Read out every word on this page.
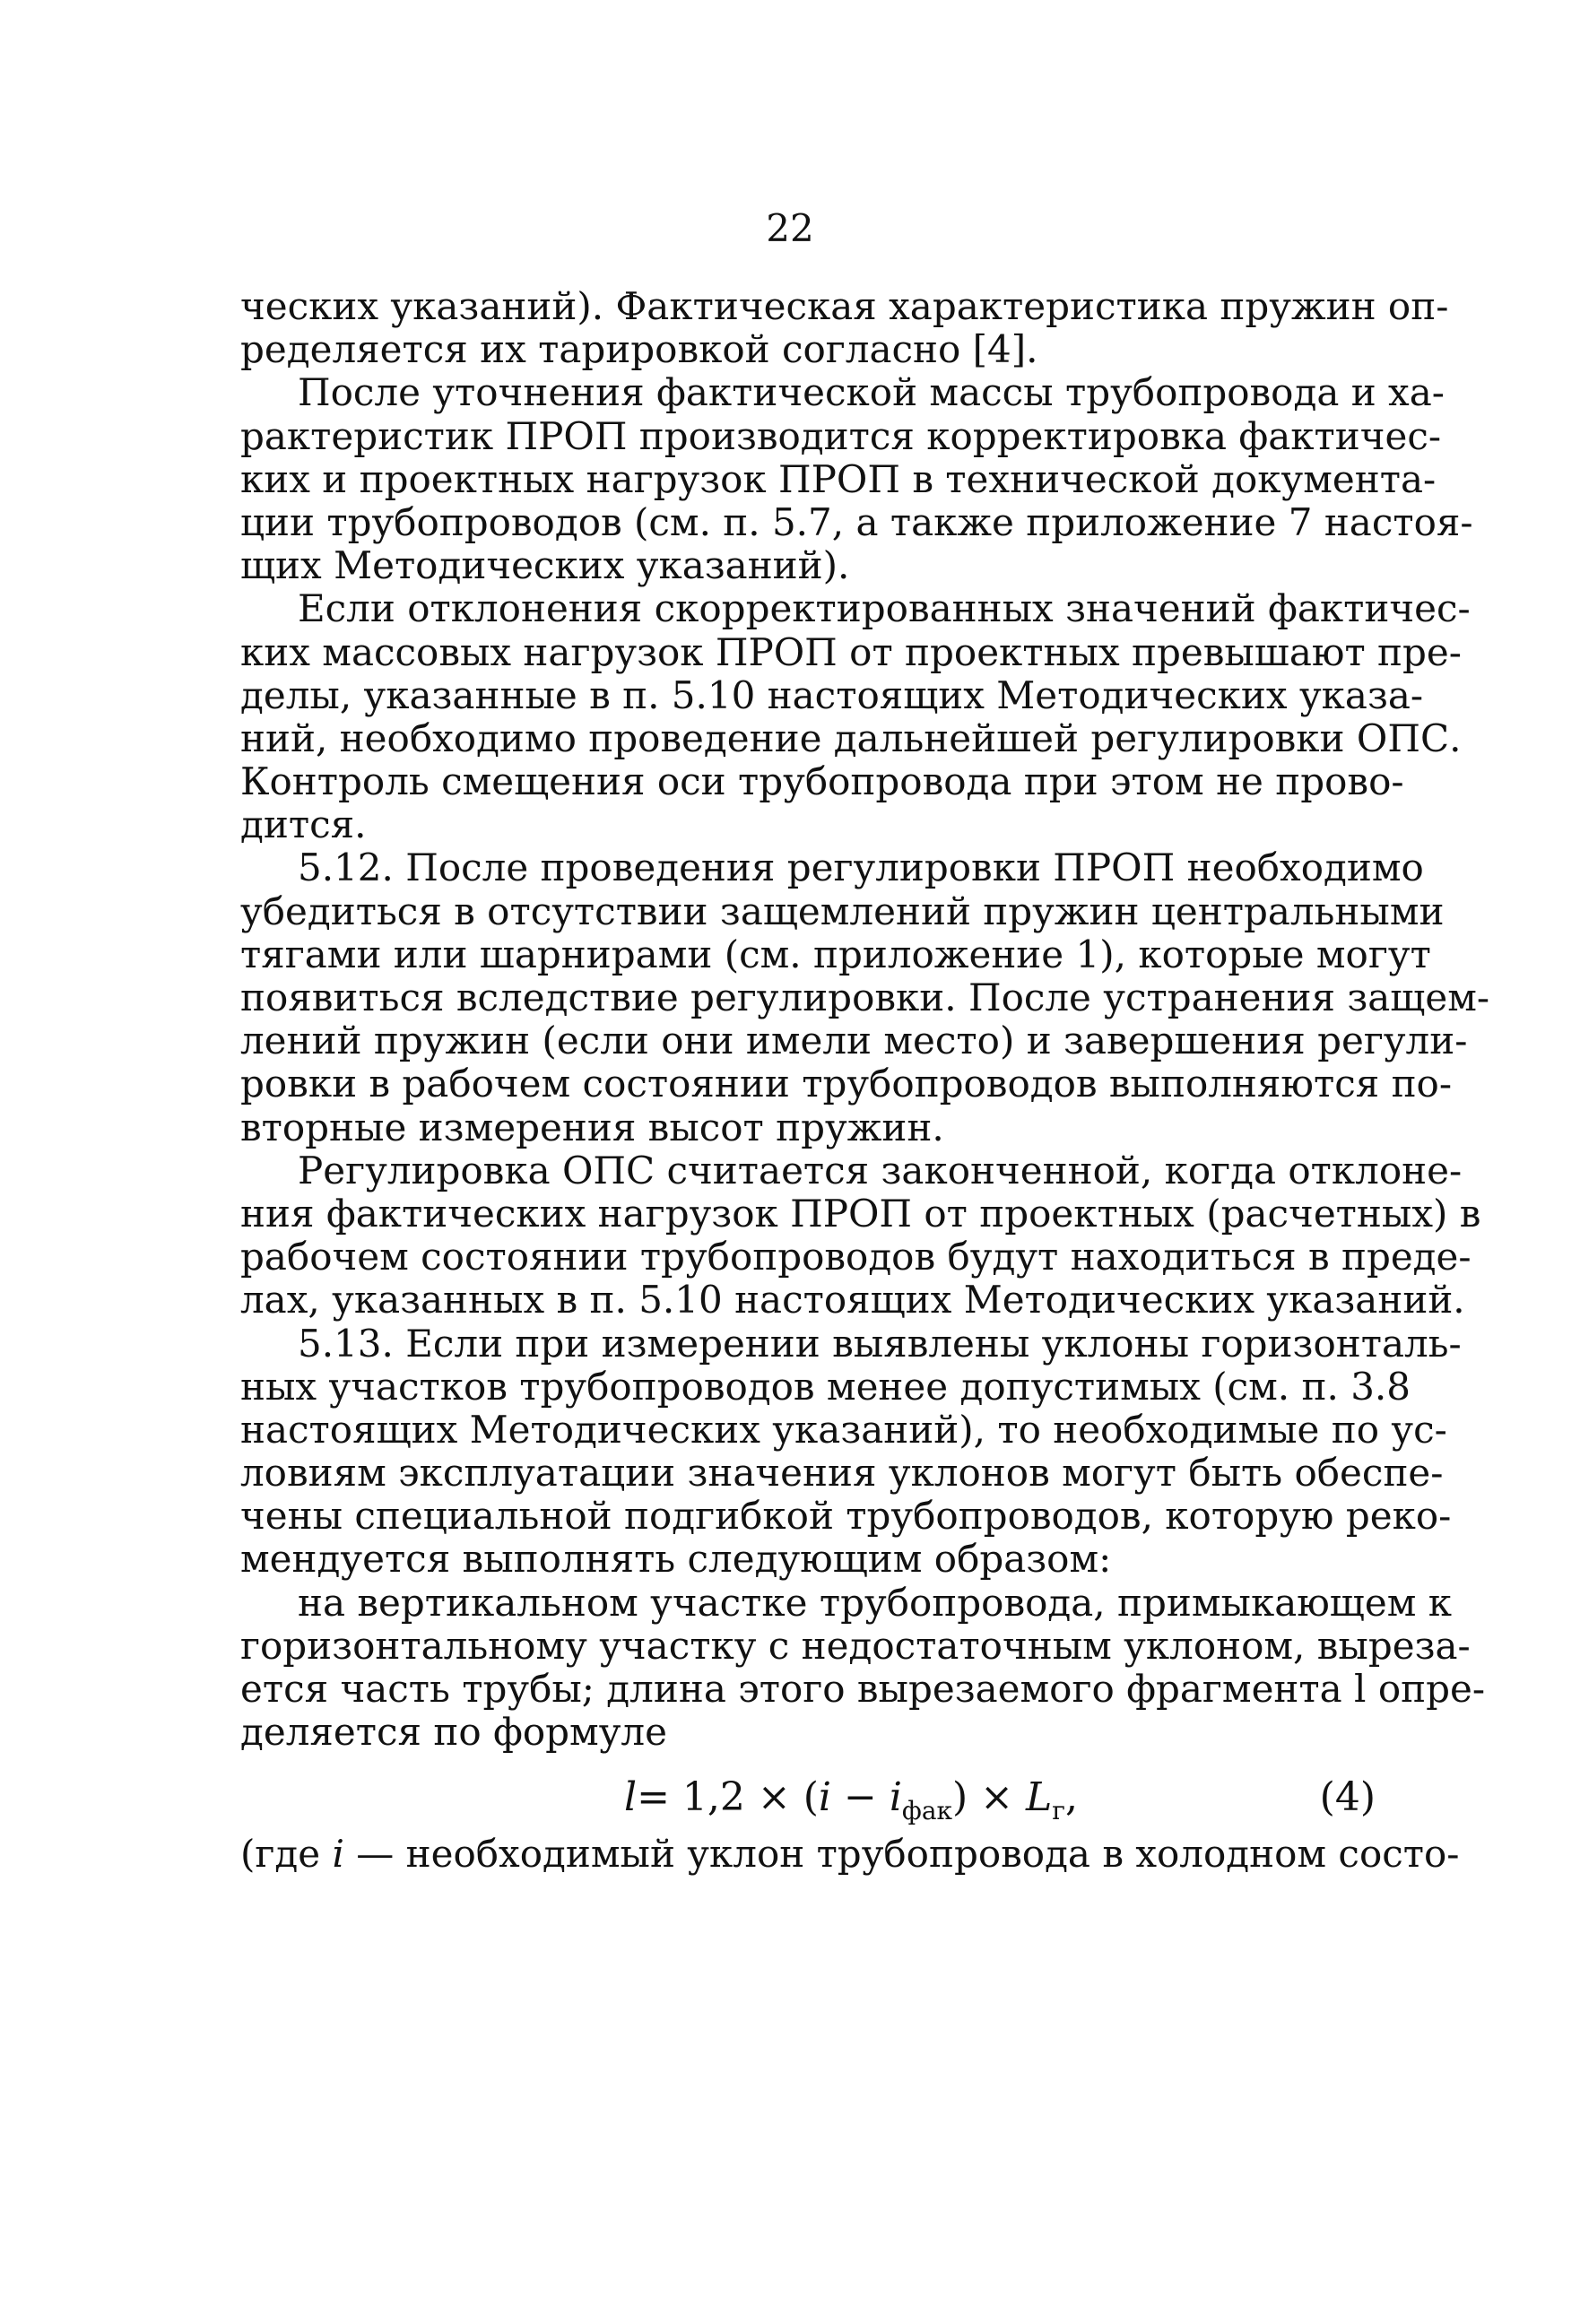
22
ческих указаний). Фактическая характеристика пружин оп-
ределяется их тарировкой согласно [4].
После уточнения фактической массы трубопровода и ха-
рактеристик ПРОП производится корректировка фактичес-
ких и проектных нагрузок ПРОП в технической документа-
ции трубопроводов (см. п. 5.7, а также приложение 7 настоя-
щих Методических указаний).
Если отклонения скорректированных значений фактичес-
ких массовых нагрузок ПРОП от проектных превышают пре-
делы, указанные в п. 5.10 настоящих Методических указа-
ний, необходимо проведение дальнейшей регулировки ОПС.
Контроль смещения оси трубопровода при этом не прово-
дится.
5.12. После проведения регулировки ПРОП необходимо
убедиться в отсутствии защемлений пружин центральными
тягами или шарнирами (см. приложение 1), которые могут
появиться вследствие регулировки. После устранения защем-
лений пружин (если они имели место) и завершения регули-
ровки в рабочем состоянии трубопроводов выполняются по-
вторные измерения высот пружин.
Регулировка ОПС считается законченной, когда отклоне-
ния фактических нагрузок ПРОП от проектных (расчетных) в
рабочем состоянии трубопроводов будут находиться в преде-
лах, указанных в п. 5.10 настоящих Методических указаний.
5.13. Если при измерении выявлены уклоны горизонталь-
ных участков трубопроводов менее допустимых (см. п. 3.8
настоящих Методических указаний), то необходимые по ус-
ловиям эксплуатации значения уклонов могут быть обеспе-
чены специальной подгибкой трубопроводов, которую реко-
мендуется выполнять следующим образом:
на вертикальном участке трубопровода, примыкающем к
горизонтальному участку с недостаточным уклоном, выреза-
ется часть трубы; длина этого вырезаемого фрагмента l опре-
деляется по формуле
$l= 1,2 \times (i - i_{фак}) \times L_г$,	(4)
(где i — необходимый уклон трубопровода в холодном состо-
